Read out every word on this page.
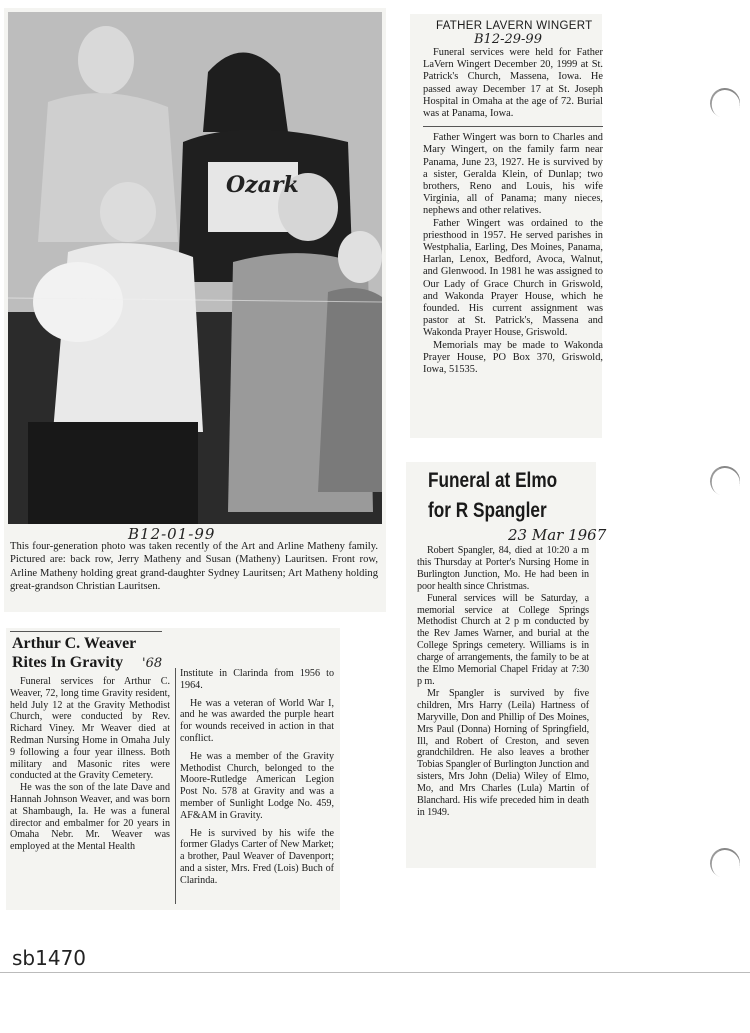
Ozark
B12-01-99
This four-generation photo was taken recently of the Art and Arline Matheny family. Pictured are: back row, Jerry Matheny and Susan (Matheny) Lauritsen. Front row, Arline Matheny holding great grand-daughter Sydney Lauritsen; Art Matheny holding great-grandson Christian Lauritsen.
FATHER LAVERN WINGERT
B12-29-99

Funeral services were held for Father LaVern Wingert December 20, 1999 at St. Patrick's Church, Massena, Iowa. He passed away December 17 at St. Joseph Hospital in Omaha at the age of 72. Burial was at Panama, Iowa.

Father Wingert was born to Charles and Mary Wingert, on the family farm near Panama, June 23, 1927. He is survived by a sister, Geralda Klein, of Dunlap; two brothers, Reno and Louis, his wife Virginia, all of Panama; many nieces, nephews and other relatives.

Father Wingert was ordained to the priesthood in 1957. He served parishes in Westphalia, Earling, Des Moines, Panama, Harlan, Lenox, Bedford, Avoca, Walnut, and Glenwood. In 1981 he was assigned to Our Lady of Grace Church in Griswold, and Wakonda Prayer House, which he founded. His current assignment was pastor at St. Patrick's, Massena and Wakonda Prayer House, Griswold.

Memorials may be made to Wakonda Prayer House, PO Box 370, Griswold, Iowa, 51535.

Funeral at Elmo
for R Spangler
23 Mar 1967

Robert Spangler, 84, died at 10:20 a m this Thursday at Porter's Nursing Home in Burlington Junction, Mo. He had been in poor health since Christmas.

Funeral services will be Saturday, a memorial service at College Springs Methodist Church at 2 p m conducted by the Rev James Warner, and burial at the College Springs cemetery. Williams is in charge of arrangements, the family to be at the Elmo Memorial Chapel Friday at 7:30 p m.

Mr Spangler is survived by five children, Mrs Harry (Leila) Hartness of Maryville, Don and Phillip of Des Moines, Mrs Paul (Donna) Horning of Springfield, Ill, and Robert of Creston, and seven grandchildren. He also leaves a brother Tobias Spangler of Burlington Junction and sisters, Mrs John (Delia) Wiley of Elmo, Mo, and Mrs Charles (Lula) Martin of Blanchard. His wife preceded him in death in 1949.

Arthur C. Weaver
Rites In Gravity	'68

Funeral services for Arthur C. Weaver, 72, long time Gravity resident, held July 12 at the Gravity Methodist Church, were conducted by Rev. Richard Viney. Mr Weaver died at Redman Nursing Home in Omaha July 9 following a four year illness. Both military and Masonic rites were conducted at the Gravity Cemetery.

He was the son of the late Dave and Hannah Johnson Weaver, and was born at Shambaugh, Ia. He was a funeral director and embalmer for 20 years in Omaha Nebr. Mr. Weaver was employed at the Mental Health

Institute in Clarinda from 1956 to 1964.

He was a veteran of World War I, and he was awarded the purple heart for wounds received in action in that conflict.

He was a member of the Gravity Methodist Church, belonged to the Moore-Rutledge American Legion Post No. 578 at Gravity and was a member of Sunlight Lodge No. 459, AF&AM in Gravity.

He is survived by his wife the former Gladys Carter of New Market; a brother, Paul Weaver of Davenport; and a sister, Mrs. Fred (Lois) Buch of Clarinda.

sb1470
